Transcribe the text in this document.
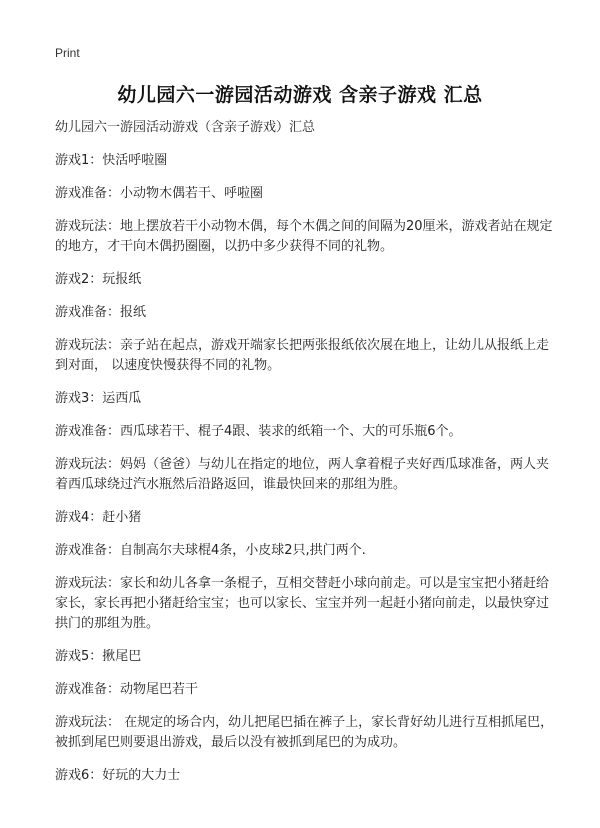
Print
幼儿园六一游园活动游戏 含亲子游戏 汇总

幼儿园六一游园活动游戏（含亲子游戏）汇总

游戏1：快活呼啦圈

游戏准备：小动物木偶若干、呼啦圈

游戏玩法：地上摆放若干小动物木偶，每个木偶之间的间隔为20厘米，游戏者站在规定的地方，才干向木偶扔圈圈，以扔中多少获得不同的礼物。

游戏2：玩报纸

游戏准备：报纸

游戏玩法：亲子站在起点，游戏开端家长把两张报纸依次展在地上，让幼儿从报纸上走到对面， 以速度快慢获得不同的礼物。

游戏3：运西瓜

游戏准备：西瓜球若干、棍子4跟、装求的纸箱一个、大的可乐瓶6个。

游戏玩法：妈妈（爸爸）与幼儿在指定的地位，两人拿着棍子夹好西瓜球准备，两人夹着西瓜球绕过汽水瓶然后沿路返回，谁最快回来的那组为胜。

游戏4：赶小猪

游戏准备：自制高尔夫球棍4条，小皮球2只,拱门两个.

游戏玩法：家长和幼儿各拿一条棍子，互相交替赶小球向前走。可以是宝宝把小猪赶给家长，家长再把小猪赶给宝宝；也可以家长、宝宝并列一起赶小猪向前走，以最快穿过拱门的那组为胜。

游戏5：揪尾巴

游戏准备：动物尾巴若干

游戏玩法： 在规定的场合内，幼儿把尾巴插在裤子上，家长背好幼儿进行互相抓尾巴，被抓到尾巴则要退出游戏，最后以没有被抓到尾巴的为成功。

游戏6：好玩的大力士
